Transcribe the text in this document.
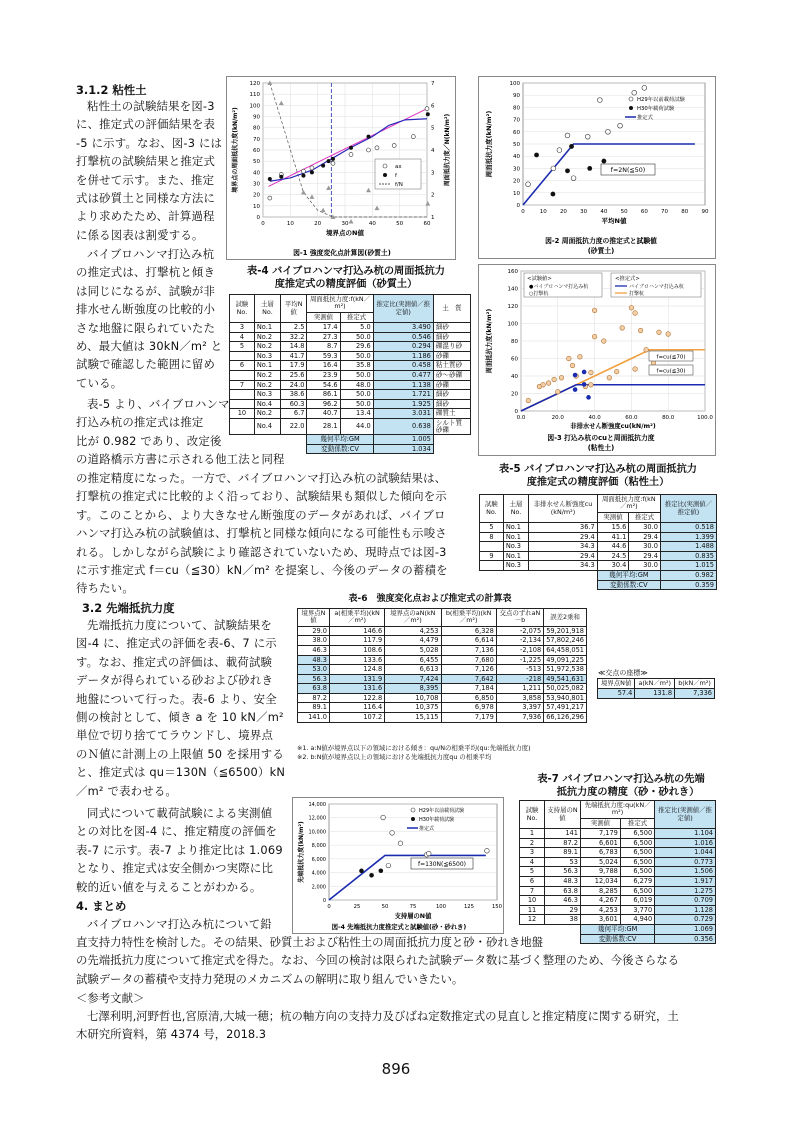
3.1.2 粘性土
粘性土の試験結果を図-3
に、推定式の評価結果を表
-5 に示す。なお、図-3 には
打撃杭の試験結果と推定式
を併せて示す。また、推定
式は砂質土と同様な方法に
より求めたため、計算過程
に係る図表は割愛する。
バイブロハンマ打込み杭
の推定式は、打撃杭と傾き
は同じになるが、試験が非
排水せん断強度の比較的小
さな地盤に限られていたた
め、最大値は 30kN／m² と
試験で確認した範囲に留め
ている。
表-5 より、バイブロハンマ
打込み杭の推定式は推定
比が 0.982 であり、改定後
の道路橋示方書に示される他工法と同程
の推定精度になった。一方で、バイブロハンマ打込み杭の試験結果は、
打撃杭の推定式に比較的よく沿っており、試験結果も類似した傾向を示
す。このことから、より大きなせん断強度のデータがあれば、バイブロ
ハンマ打込み杭の試験値は、打撃杭と同様な傾向になる可能性も示唆さ
れる。しかしながら試験により確認されていないため、現時点では図-3
に示す推定式 f＝cu（≦30）kN／m² を提案し、今後のデータの蓄積を
待ちたい。
3.2 先端抵抗力度
先端抵抗力度について、試験結果を
図-4 に、推定式の評価を表-6、7 に示
す。なお、推定式の評価は、載荷試験
データが得られている砂および砂れき
地盤について行った。表-6 より、安全
側の検討として、傾き a を 10 kN／m²
単位で切り捨ててラウンドし、境界点
のＮ値に計測上の上限値 50 を採用する
と、推定式は qu＝130N（≦6500）kN
／m² で表わせる。
同式について載荷試験による実測値
との対比を図-4 に、推定精度の評価を
表-7 に示す。表-7 より推定比は 1.069
となり、推定式は安全側かつ実際に比
較的近い値を与えることがわかる。
4. まとめ
バイブロハンマ打込み杭について鉛
直支持力特性を検討した。その結果、砂質土および粘性土の周面抵抗力度と砂・砂れき地盤
の先端抵抗力度について推定式を得た。なお、今回の検討は限られた試験データ数に基づく整理のため、今後さらなる
試験データの蓄積や支持力発現のメカニズムの解明に取り組んでいきたい。
＜参考文献＞
七澤利明,河野哲也,宮原清,大城一穂；杭の軸方向の支持力及びばね定数推定式の見直しと推定精度に関する研究，土
木研究所資料，第 4374 号，2018.3
896
0
10
20
30
40
50
60
70
80
90
100
110
120
0	10	20	30	40	50	60
1
2
3
4
5
6
7
境界点のN値
境界点の周面抵抗力度(kN/m²)	周面抵抗力度／N(kN/m²)
図-1 強度変化点計算図(砂質土)
ax
f
f/N
0
10
20
30
40
50
60
70
80
90
100
0	10 20 30 40 50 60 70 80 90
平均N値
周面抵抗力度(kN/m²)
図-2 周面抵抗力度の推定式と試験値
(砂質土)
H29年以前載荷試験
H30年載荷試験
推定式
f=2N(≦50)
0
20
40
60
80
100
120
140
160
0.0	20.0	40.0	60.0	80.0	100.0
非排水せん断強度cu(kN/m²)
周面抵抗力度(kN/m²)
図-3 打込み杭のcuと周面抵抗力度
(粘性土)
<試験値>
●バイブロハンマ打込み杭
○打撃杭
<推定式>
バイブロハンマ打込み杭
打撃杭
f=cu(≦70)
f=cu(≦30)
0
2,000
4,000
6,000
8,000
10,000
12,000
14,000
0	25	50	75	100	125	150
支持層のN値
先端抵抗力度(kN/m²)
図-4 先端抵抗力度推定式と試験値(砂・砂れき)
H29年以前載荷試験
H30年載荷試験
推定式
f=130N(≦6500)
表-4 バイブロハンマ打込み杭の周面抵抗力
度推定式の精度評価（砂質土）
試験No.	土層No.	平均N値	周面抵抗力度:f(kN／m²)		推定比(実測値／推定値)	土　質
			実測値	推定式		
3	No.1	2.5	17.4	5.0	3.490	細砂
4	No.2	32.2	27.3	50.0	0.546	細砂
5	No.2	14.8	8.7	29.6	0.294	礫混り砂
	No.3	41.7	59.3	50.0	1.186	砂礫
6	No.1	17.9	16.4	35.8	0.458	粘土質砂
	No.2	25.6	23.9	50.0	0.477	砂～砂礫
7	No.2	24.0	54.6	48.0	1.138	砂礫
	No.3	38.6	86.1	50.0	1.721	細砂
	No.4	60.3	96.2	50.0	1.925	細砂
10	No.2	6.7	40.7	13.4	3.031	礫質土
	No.4	22.0	28.1	44.0	0.638	シルト質砂礫
			幾何平均:GM		1.005	
			変動係数:CV		1.034	
表-5 バイブロハンマ打込み杭の周面抵抗力
度推定式の精度評価（粘性土）
試験No.	土層No.	非排水せん断強度cu (kN/m²)	周面抵抗力度:f(kN／m²)		推定比(実測値／推定値)
			実測値	推定式	
5	No.1	36.7	15.6	30.0	0.518
8	No.1	29.4	41.1	29.4	1.399
	No.3	34.3	44.6	30.0	1.488
9	No.1	29.4	24.5	29.4	0.835
	No.3	34.3	30.4	30.0	1.015
			幾何平均:GM		0.982
			変動係数:CV		0.359
表-6　強度変化点および推定式の計算表
境界点N値	a(相乗平均)(kN／m²)	境界点のaN(kN／m²)	b(相乗平均)(kN／m²)	交点のずれaN－b	誤差2乗和
29.0	146.6	4,253	6,328	-2,075	59,201,918
38.0	117.9	4,479	6,614	-2,134	57,802,246
46.3	108.6	5,028	7,136	-2,108	64,458,051
48.3	133.6	6,455	7,680	-1,225	49,091,225
53.0	124.8	6,613	7,126	-513	51,972,538
56.3	131.9	7,424	7,642	-218	49,541,631
63.8	131.6	8,395	7,184	1,211	50,025,082
87.2	122.8	10,708	6,850	3,858	53,940,801
89.1	116.4	10,375	6,978	3,397	57,491,217
141.0	107.2	15,115	7,179	7,936	66,126,296
※1. a:N値が境界点以下の領域における傾き：qu/Nの相乗平均(qu:先端抵抗力度)
※2. b:N値が境界点以上の領域における先端抵抗力度qu の相乗平均
≪交点の座標≫
境界点N値	a(kN／m²)	b(kN／m²)
57.4	131.8	7,336
表-7 バイブロハンマ打込み杭の先端
抵抗力度の精度（砂・砂れき）
試験No.	支持層のN値	先端抵抗力度:qu(kN／m²)		推定比(実測値／推定値)
		実測値	推定式	
1	141	7,179	6,500	1.104
2	87.2	6,601	6,500	1.016
3	89.1	6,783	6,500	1.044
4	53	5,024	6,500	0.773
5	56.3	9,788	6,500	1.506
6	48.3	12,034	6,279	1.917
7	63.8	8,285	6,500	1.275
10	46.3	4,267	6,019	0.709
11	29	4,253	3,770	1.128
12	38	3,601	4,940	0.729
		幾何平均:GM		1.069
		変動係数:CV		0.356
